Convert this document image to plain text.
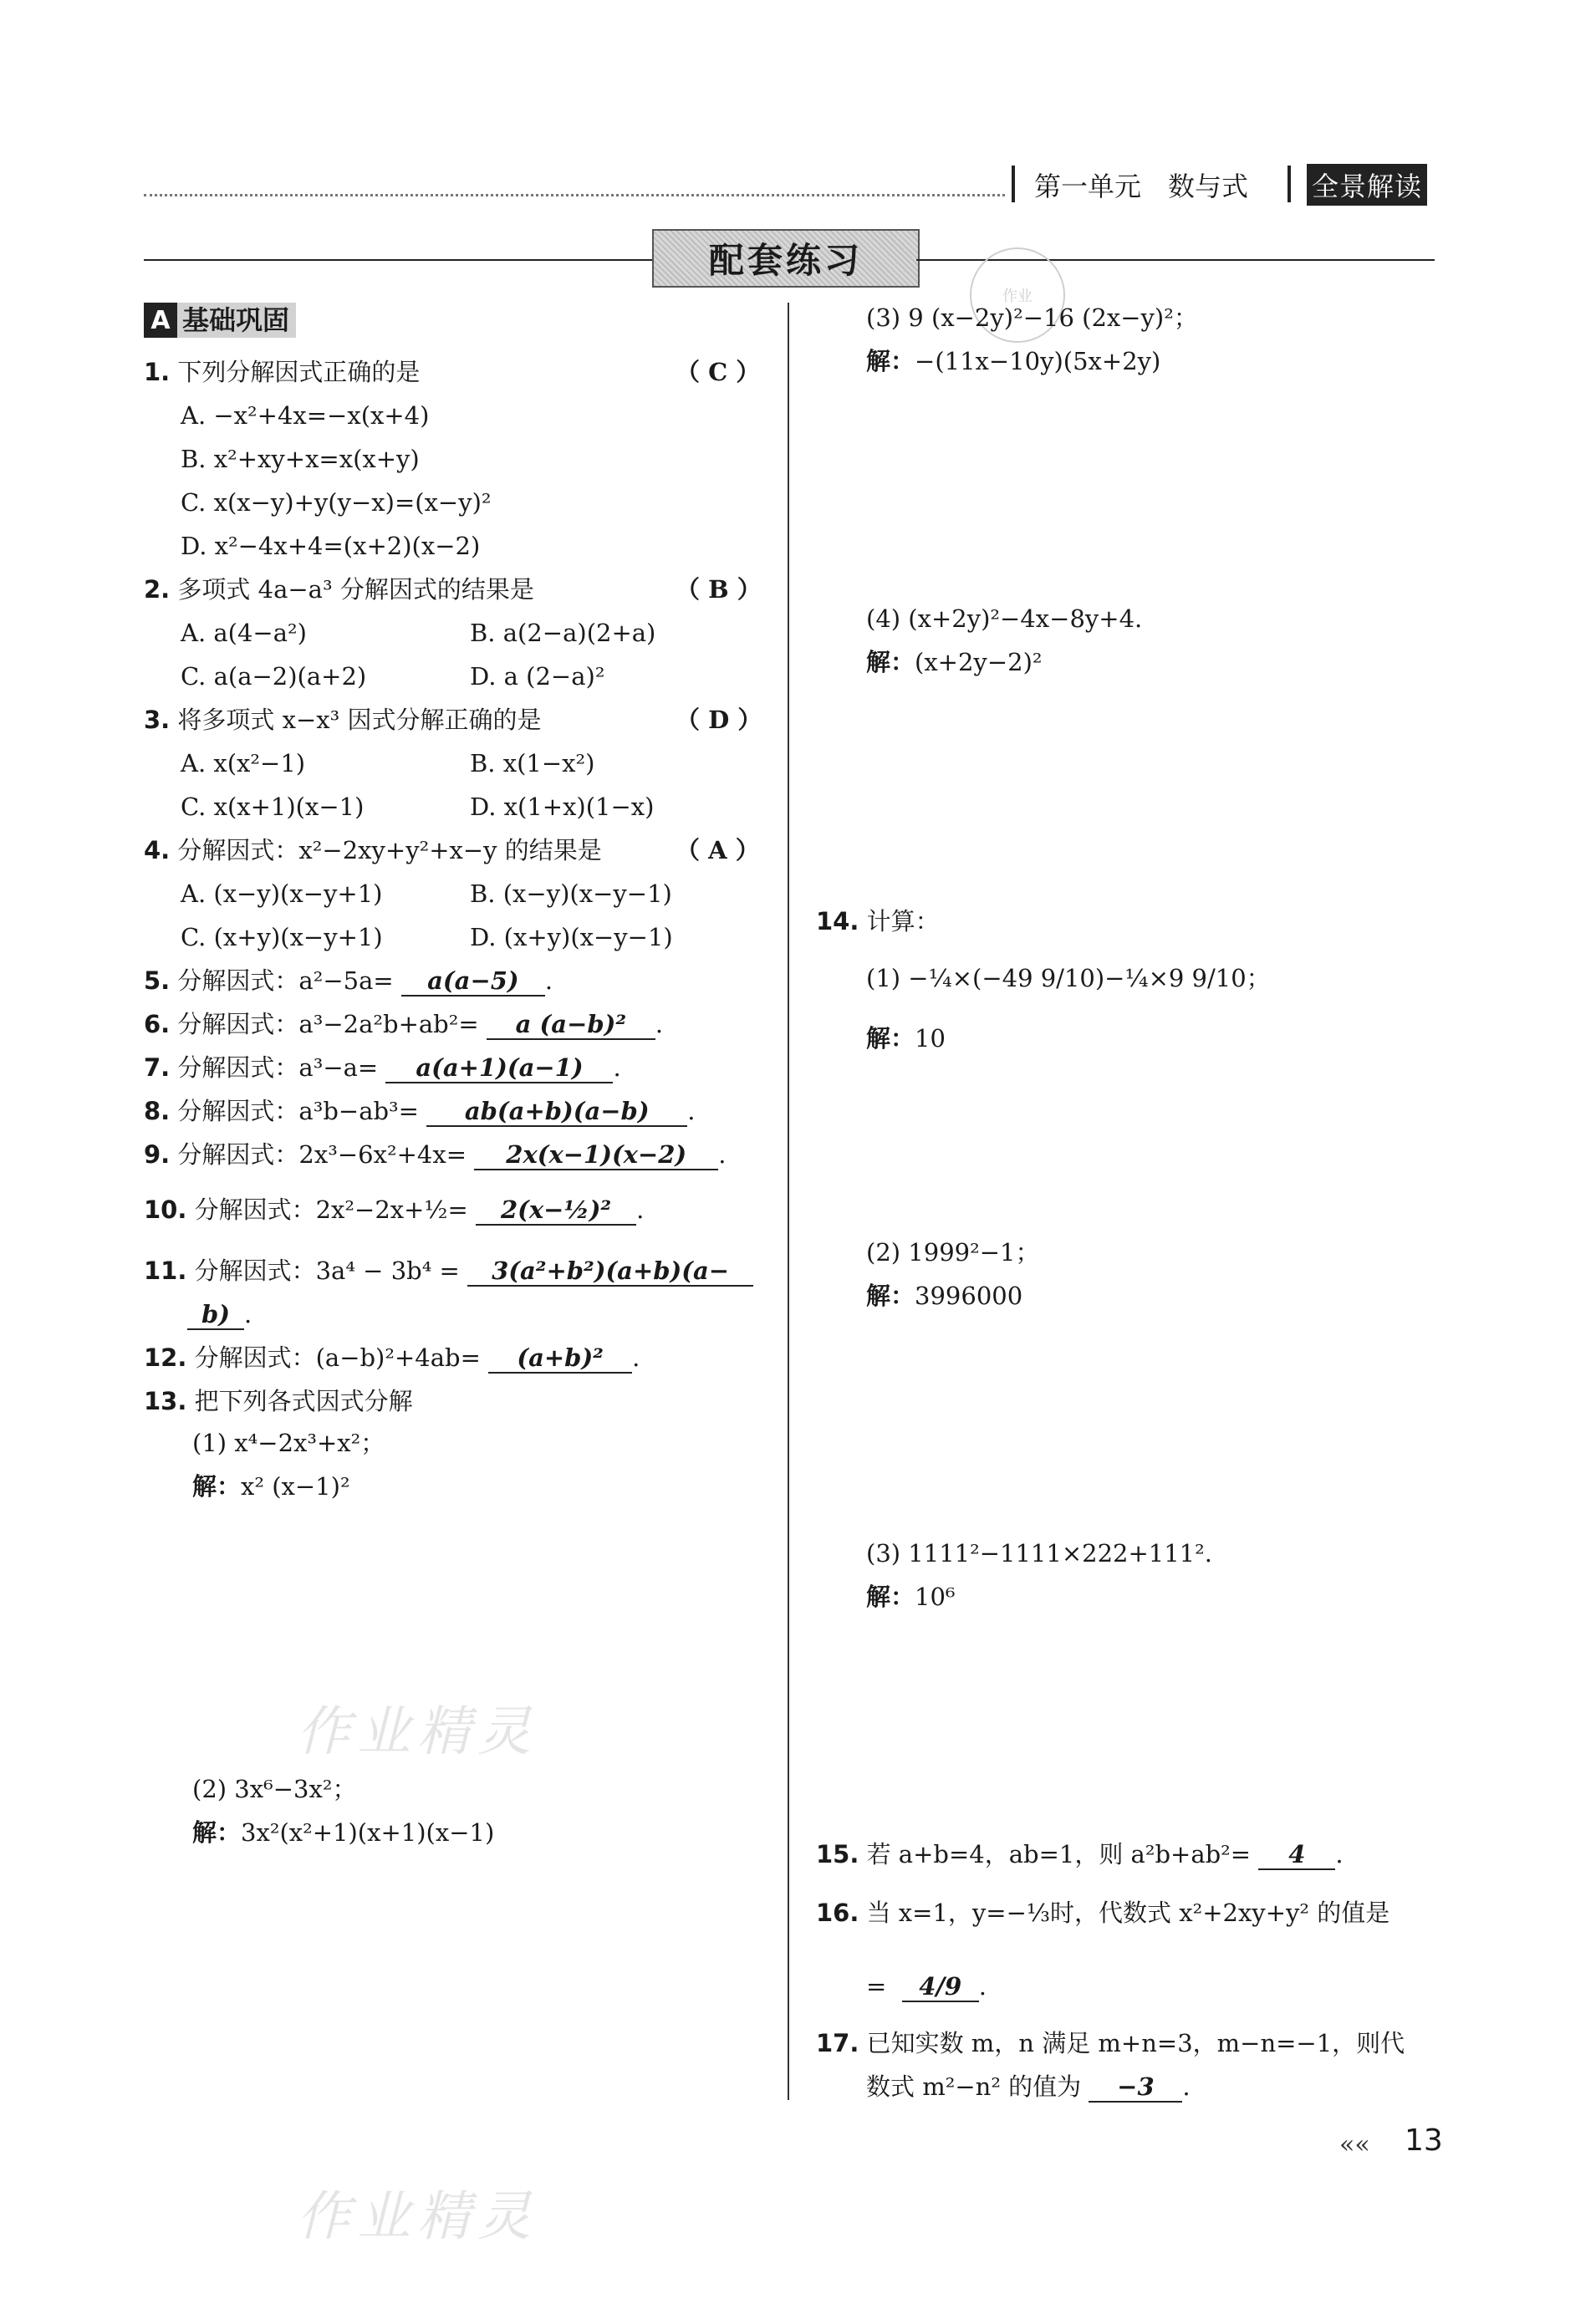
第一单元　数与式 全景解读
配套练习
作业
A 基础巩固
1. 下列分解因式正确的是	（ C ）
A. −x²+4x=−x(x+4)
B. x²+xy+x=x(x+y)
C. x(x−y)+y(y−x)=(x−y)²
D. x²−4x+4=(x+2)(x−2)
2. 多项式 4a−a³ 分解因式的结果是	（ B ）
A. a(4−a²)	B. a(2−a)(2+a)
C. a(a−2)(a+2)	D. a (2−a)²
3. 将多项式 x−x³ 因式分解正确的是	（ D ）
A. x(x²−1)	B. x(1−x²)
C. x(x+1)(x−1)	D. x(1+x)(1−x)
4. 分解因式：x²−2xy+y²+x−y 的结果是	（ A ）
A. (x−y)(x−y+1)	B. (x−y)(x−y−1)
C. (x+y)(x−y+1)	D. (x+y)(x−y−1)
5. 分解因式：a²−5a= a(a−5) .
6. 分解因式：a³−2a²b+ab²= a (a−b)² .
7. 分解因式：a³−a= a(a+1)(a−1) .
8. 分解因式：a³b−ab³= ab(a+b)(a−b) .
9. 分解因式：2x³−6x²+4x= 2x(x−1)(x−2) .
10. 分解因式：2x²−2x+½= 2(x−½)² .
11. 分解因式：3a⁴ − 3b⁴ = 3(a²+b²)(a+b)(a−
b) .
12. 分解因式：(a−b)²+4ab= (a+b)² .
13. 把下列各式因式分解
(1) x⁴−2x³+x²；
解：x² (x−1)²
作业精灵
(2) 3x⁶−3x²；
解：3x²(x²+1)(x+1)(x−1)
(3) 9 (x−2y)²−16 (2x−y)²；
解：−(11x−10y)(5x+2y)
(4) (x+2y)²−4x−8y+4.
解：(x+2y−2)²
14. 计算：
(1) −¼×(−49 9/10)−¼×9 9/10；
解：10
(2) 1999²−1；
解：3996000
(3) 1111²−1111×222+111².
解：10⁶
15. 若 a+b=4，ab=1，则 a²b+ab²= 4 .
16. 当 x=1，y=−⅓时，代数式 x²+2xy+y² 的值是
= 4/9 .
17. 已知实数 m，n 满足 m+n=3，m−n=−1，则代
数式 m²−n² 的值为 −3 .
«« 13
作业精灵
